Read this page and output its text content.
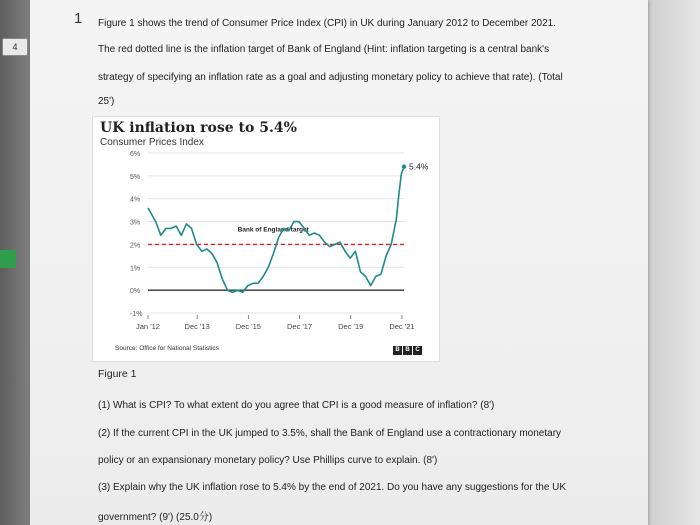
4
1 Figure 1 shows the trend of Consumer Price Index (CPI) in UK during January 2012 to December 2021.
The red dotted line is the inflation target of Bank of England (Hint: inflation targeting is a central bank's
strategy of specifying an inflation rate as a goal and adjusting monetary policy to achieve that rate). (Total
25')
UK inflation rose to 5.4%
Consumer Prices Index
6%
5%
4%
3%
2%
1%
0%
-1%
Jan '12	Dec '13	Dec '15	Dec '17	Dec '19	Dec '21
Bank of England target
5.4%
Source: Office for National Statistics	B B C
Figure 1
(1) What is CPI? To what extent do you agree that CPI is a good measure of inflation? (8')
(2) If the current CPI in the UK jumped to 3.5%, shall the Bank of England use a contractionary monetary
policy or an expansionary monetary policy? Use Phillips curve to explain. (8')
(3) Explain why the UK inflation rose to 5.4% by the end of 2021. Do you have any suggestions for the UK
government? (9') (25.0分)
